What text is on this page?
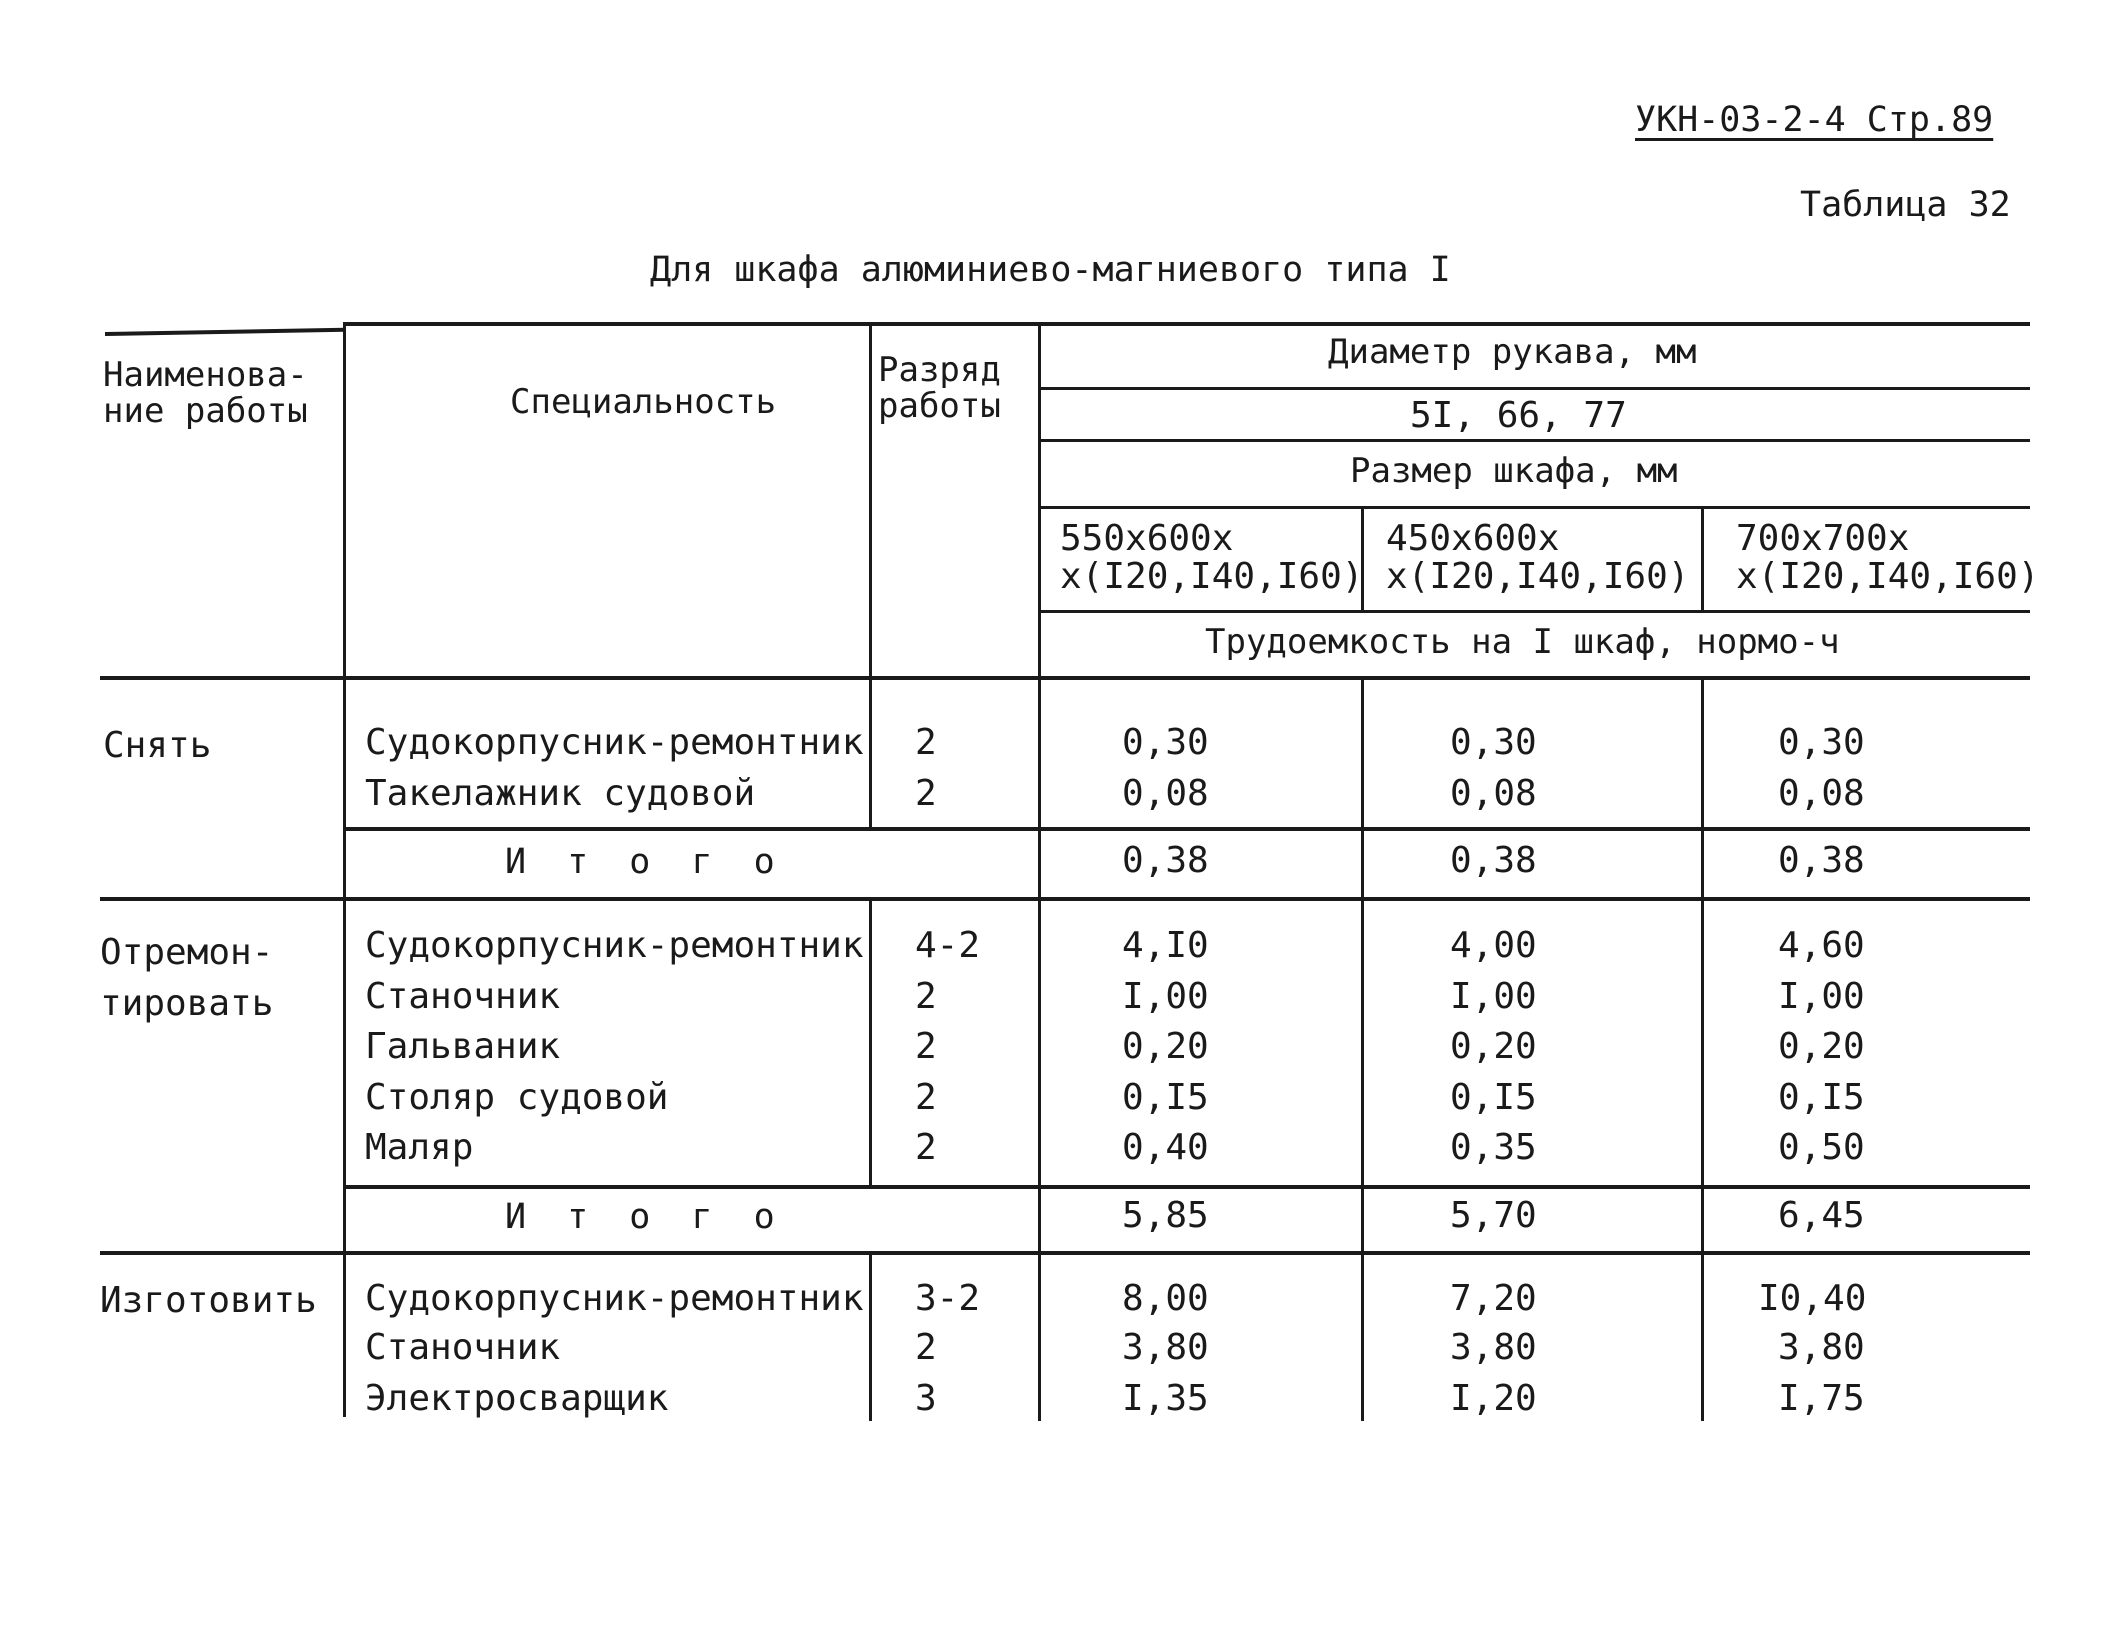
УКН-03-2-4 Стр.89
Таблица 32
Для шкафа алюминиево-магниевого типа I
Наименова-
ние работы	Специальность
Разряд
работы
Диаметр рукава, мм
5I, 66, 77
Размер шкафа, мм
550х600х
х(I20,I40,I60)
450х600х
х(I20,I40,I60)
700х700х
х(I20,I40,I60)
Трудоемкость на I шкаф, нормо-ч
Снять	Судокорпусник-ремонтник 2	0,30	0,30	0,30
Такелажник судовой	2	0,08	0,08	0,08
И т о г о	0,38	0,38	0,38
Отремон-
тировать
Судокорпусник-ремонтник 4-2	4,I0	4,00	4,60
Станочник	2	I,00	I,00	I,00
Гальваник	2	0,20	0,20	0,20
Столяр судовой	2	0,I5	0,I5	0,I5
Маляр	2	0,40	0,35	0,50
И т о г о	5,85	5,70	6,45
Изготовить Судокорпусник-ремонтник 3-2	8,00	7,20	I0,40
Станочник	2	3,80	3,80	3,80
Электросварщик	3	I,35	I,20	I,75
